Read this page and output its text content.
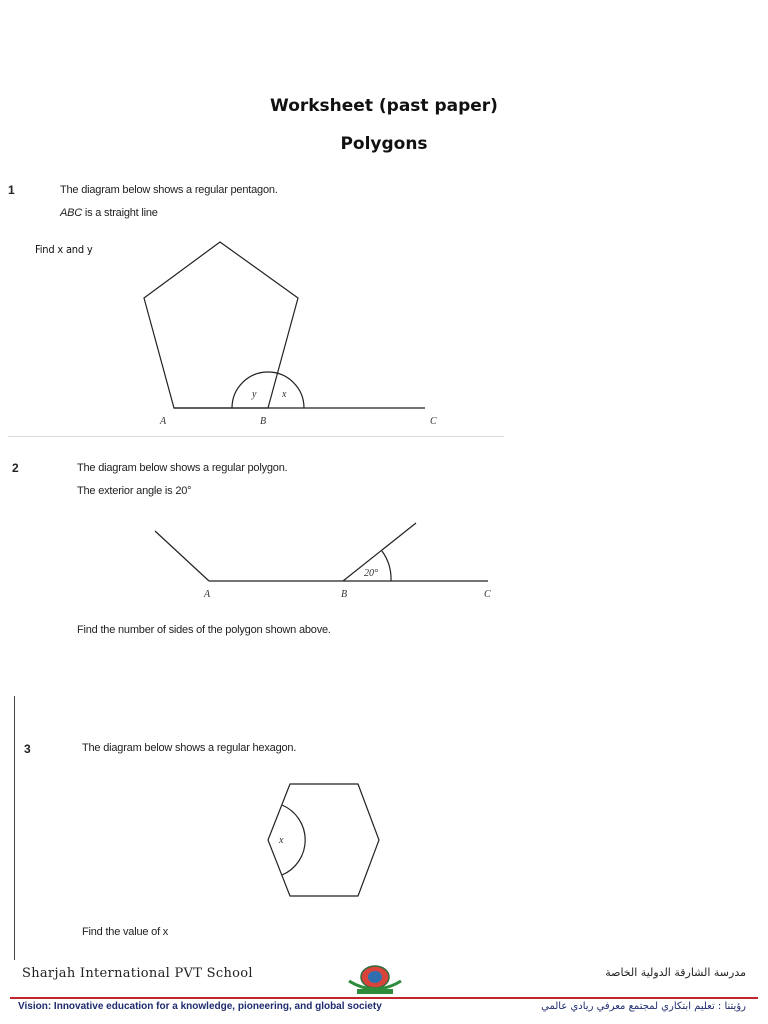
Worksheet (past paper)
Polygons
1	The diagram below shows a regular pentagon.
ABC is a straight line
Find x and y
y	x
A	B	C
2	The diagram below shows a regular polygon.
The exterior angle is 20°
20°
A	B	C
Find the number of sides of the polygon shown above.
3	The diagram below shows a regular hexagon.
x
Find the value of x
Sharjah International PVT School	مدرسة الشارقة الدولية الخاصة
Vision: Innovative education for a knowledge, pioneering, and global society	رؤيتنا : تعليم ابتكاري لمجتمع معرفي ريادي عالمي
